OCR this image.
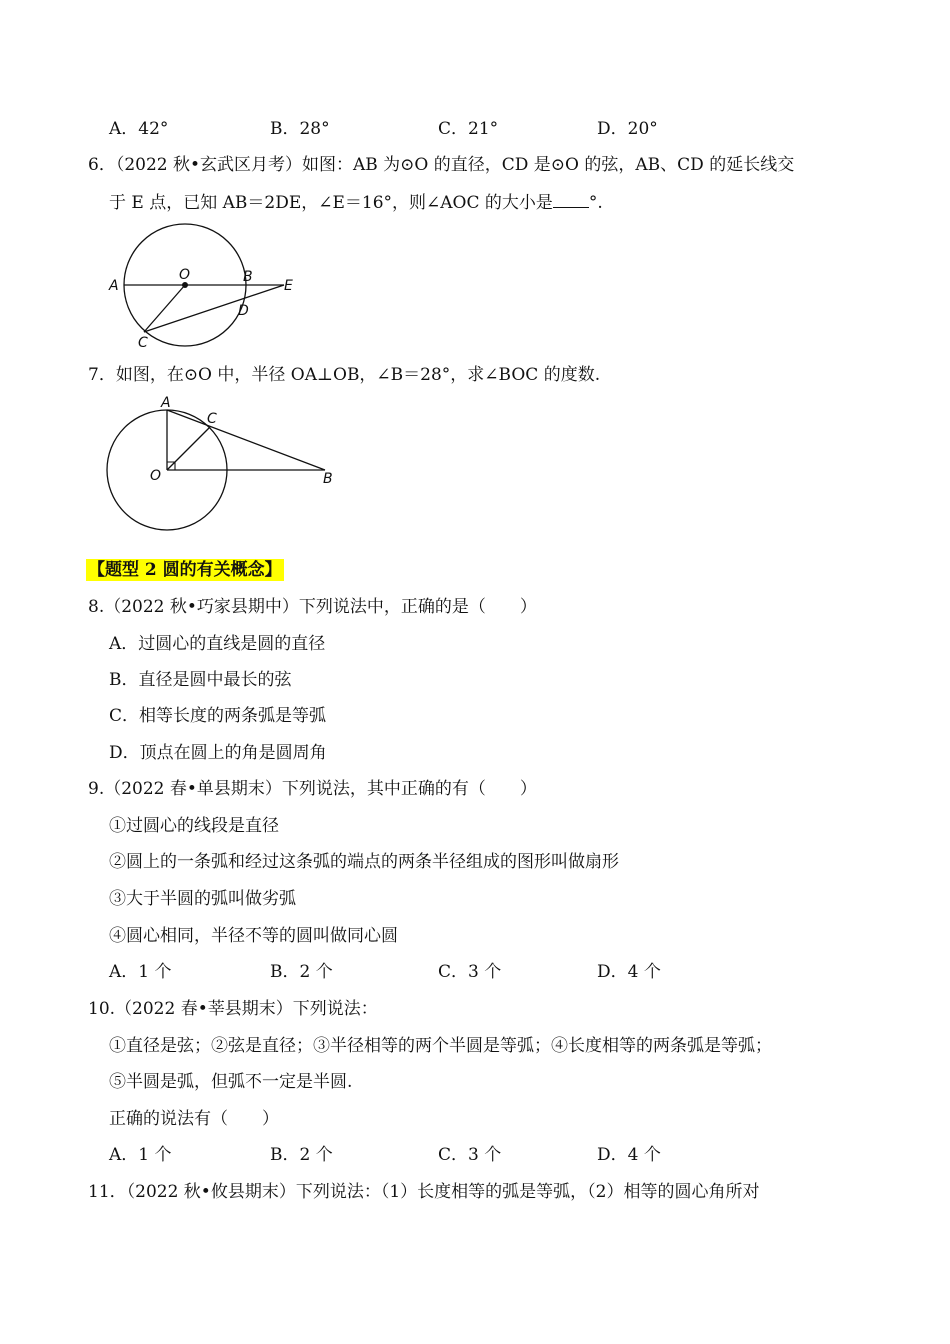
A．42°	B．28°	C．21°	D．20°
6．（2022 秋•玄武区月考）如图：AB 为⊙O 的直径，CD 是⊙O 的弦，AB、CD 的延长线交
于 E 点，已知 AB＝2DE，∠E＝16°，则∠AOC 的大小是 °.
A
O	B
E
D
C
7．如图，在⊙O 中，半径 OA⊥OB，∠B＝28°，求∠BOC 的度数.
A
C
O	B
【题型 2 圆的有关概念】
8.（2022 秋•巧家县期中）下列说法中，正确的是（　　）
A．过圆心的直线是圆的直径
B．直径是圆中最长的弦
C．相等长度的两条弧是等弧
D．顶点在圆上的角是圆周角
9.（2022 春•单县期末）下列说法，其中正确的有（　　）
①过圆心的线段是直径
②圆上的一条弧和经过这条弧的端点的两条半径组成的图形叫做扇形
③大于半圆的弧叫做劣弧
④圆心相同，半径不等的圆叫做同心圆
A．1 个	B．2 个	C．3 个	D．4 个
10.（2022 春•莘县期末）下列说法：
①直径是弦；②弦是直径；③半径相等的两个半圆是等弧；④长度相等的两条弧是等弧；
⑤半圆是弧，但弧不一定是半圆.
正确的说法有（　　）
A．1 个	B．2 个	C．3 个	D．4 个
11．（2022 秋•攸县期末）下列说法：（1）长度相等的弧是等弧，（2）相等的圆心角所对
